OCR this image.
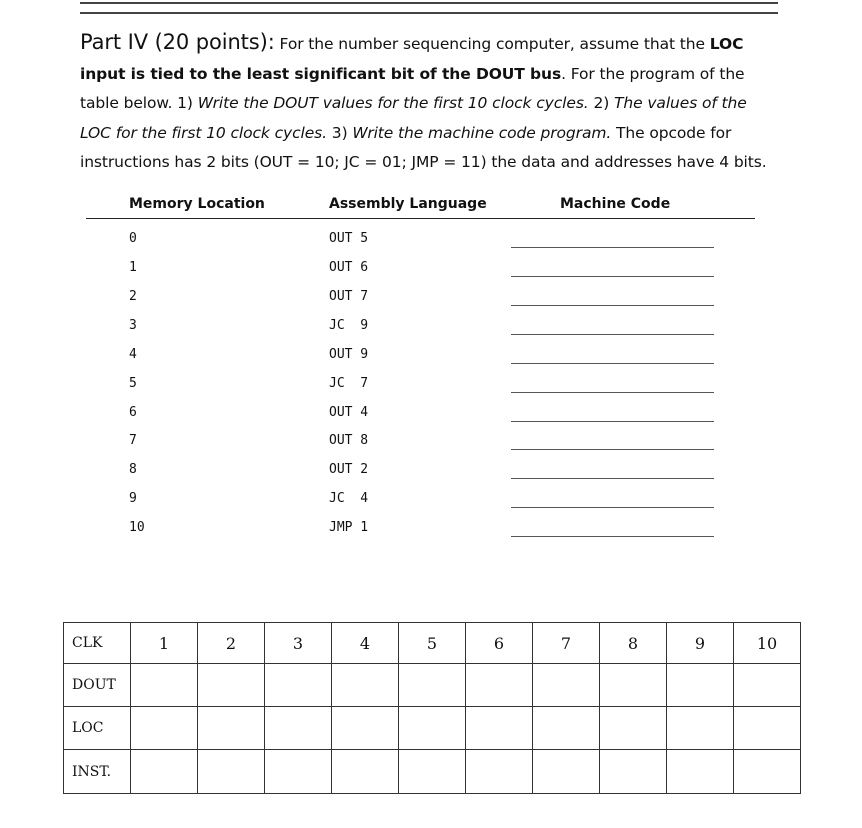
Part IV (20 points): For the number sequencing computer, assume that the LOC input is tied to the least significant bit of the DOUT bus. For the program of the table below. 1) Write the DOUT values for the first 10 clock cycles. 2) The values of the LOC for the first 10 clock cycles. 3) Write the machine code program. The opcode for instructions has 2 bits (OUT = 10; JC = 01; JMP = 11) the data and addresses have 4 bits.
Memory Location	Assembly Language	Machine Code
0	OUT 5
1	OUT 6
2	OUT 7
3	JC  9
4	OUT 9
5	JC  7
6	OUT 4
7	OUT 8
8	OUT 2
9	JC  4
10	JMP 1
CLK	1	2	3	4	5	6	7	8	9	10
DOUT										
LOC										
INST.										
